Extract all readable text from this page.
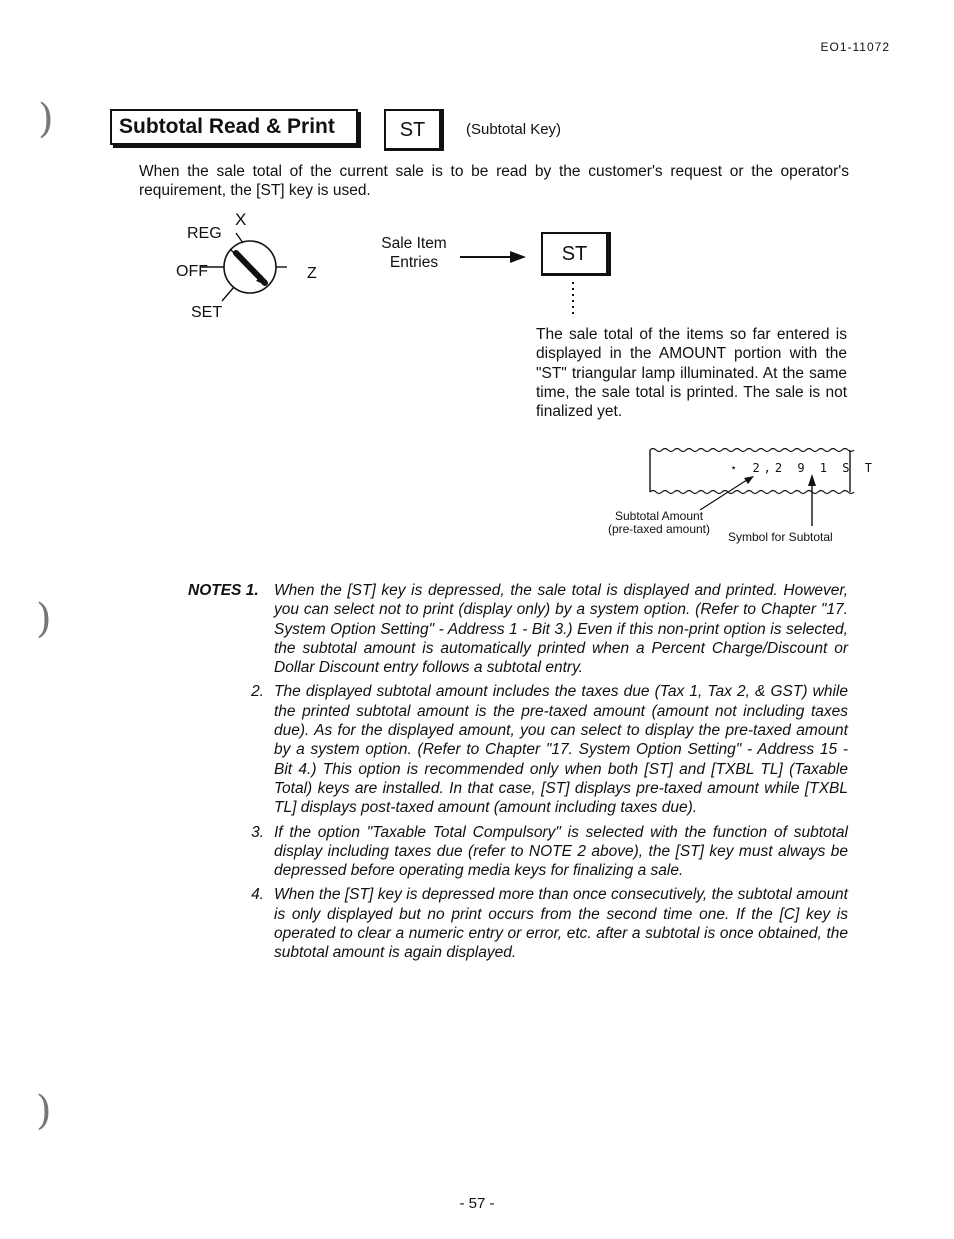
)
)
)
EO1-11072
Subtotal Read & Print	ST	(Subtotal Key)
When the sale total of the current sale is to be read by the customer's request or the operator's requirement, the [ST] key is used.
REG
X
OFF	Z
SET
Sale Item
Entries	ST
The sale total of the items so far entered is displayed in the AMOUNT portion with the "ST" triangular lamp illuminated. At the same time, the sale total is printed. The sale is not finalized yet.
⋆ 2,2 9 1 S T
Subtotal Amount
(pre-taxed amount)
Symbol for Subtotal
NOTES 1. When the [ST] key is depressed, the sale total is displayed and printed. However, you can select not to print (display only) by a system option. (Refer to Chapter "17. System Option Setting" - Address 1 - Bit 3.) Even if this non-print option is selected, the subtotal amount is automatically printed when a Percent Charge/Discount or Dollar Discount entry follows a subtotal entry.
2. The displayed subtotal amount includes the taxes due (Tax 1, Tax 2, & GST) while the printed subtotal amount is the pre-taxed amount (amount not including taxes due). As for the displayed amount, you can select to display the pre-taxed amount by a system option. (Refer to Chapter "17. System Option Setting" - Address 15 - Bit 4.) This option is recommended only when both [ST] and [TXBL TL] (Taxable Total) keys are installed. In that case, [ST] displays pre-taxed amount while [TXBL TL] displays post-taxed amount (amount including taxes due).
3. If the option "Taxable Total Compulsory" is selected with the function of subtotal display including taxes due (refer to NOTE 2 above), the [ST] key must always be depressed before operating media keys for finalizing a sale.
4. When the [ST] key is depressed more than once consecutively, the subtotal amount is only displayed but no print occurs from the second time one. If the [C] key is operated to clear a numeric entry or error, etc. after a subtotal is once obtained, the subtotal amount is again displayed.
- 57 -
